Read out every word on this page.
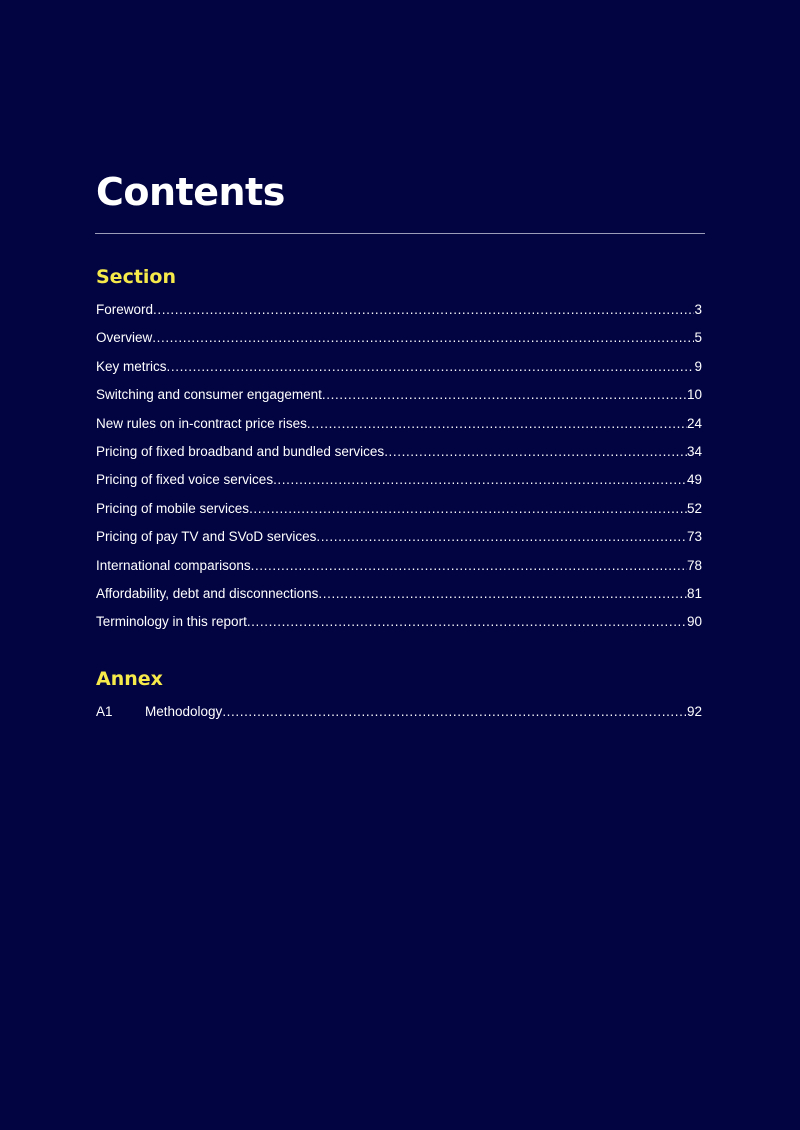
Contents
Section
Foreword .....	3
Overview .....	5
Key metrics .....	9
Switching and consumer engagement .....	10
New rules on in-contract price rises .....	24
Pricing of fixed broadband and bundled services .....	34
Pricing of fixed voice services .....	49
Pricing of mobile services .....	52
Pricing of pay TV and SVoD services .....	73
International comparisons .....	78
Affordability, debt and disconnections .....	81
Terminology in this report .....	90
Annex
A1	Methodology .....	92
